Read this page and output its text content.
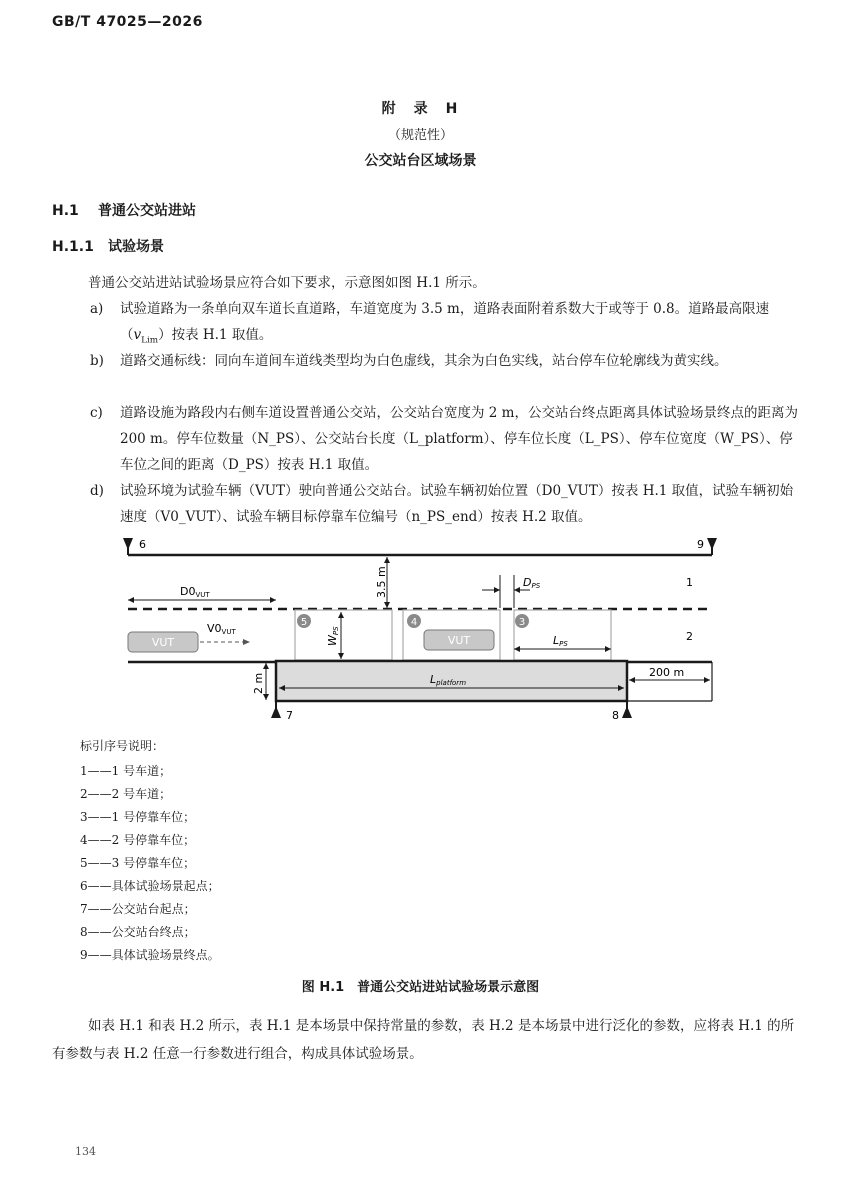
GB/T 47025—2026
附　录　H
（规范性）
公交站台区域场景
H.1 普通公交站进站
H.1.1 试验场景
普通公交站进站试验场景应符合如下要求，示意图如图 H.1 所示。
a)	试验道路为一条单向双车道长直道路，车道宽度为 3.5 m，道路表面附着系数大于或等于 0.8。道路最高限速$(v_{Lim})$按表 H.1 取值。
b)	道路交通标线：同向车道间车道线类型均为白色虚线，其余为白色实线，站台停车位轮廓线为黄实线。
c)	道路设施为路段内右侧车道设置普通公交站，公交站台宽度为 2 m，公交站台终点距离具体试验场景终点的距离为 200 m。停车位数量（N_PS）、公交站台长度（L_platform）、停车位长度（L_PS）、停车位宽度（W_PS）、停车位之间的距离（D_PS）按表 H.1 取值。
d)	试验环境为试验车辆（VUT）驶向普通公交站台。试验车辆初始位置（D0_VUT）按表 H.1 取值，试验车辆初始速度（V0_VUT）、试验车辆目标停靠车位编号（n_PS_end）按表 H.2 取值。
6	9
3.5 m
D0VUT
1
2
DPS
5	4	3
WPS
LPS
VUT
V0VUT
VUT
Lplatform
2 m
200 m
7	8
标引序号说明：
1——1 号车道；
2——2 号车道；
3——1 号停靠车位；
4——2 号停靠车位；
5——3 号停靠车位；
6——具体试验场景起点；
7——公交站台起点；
8——公交站台终点；
9——具体试验场景终点。
图 H.1　普通公交站进站试验场景示意图
如表 H.1 和表 H.2 所示，表 H.1 是本场景中保持常量的参数，表 H.2 是本场景中进行泛化的参数，应将表 H.1 的所有参数与表 H.2 任意一行参数进行组合，构成具体试验场景。
134
